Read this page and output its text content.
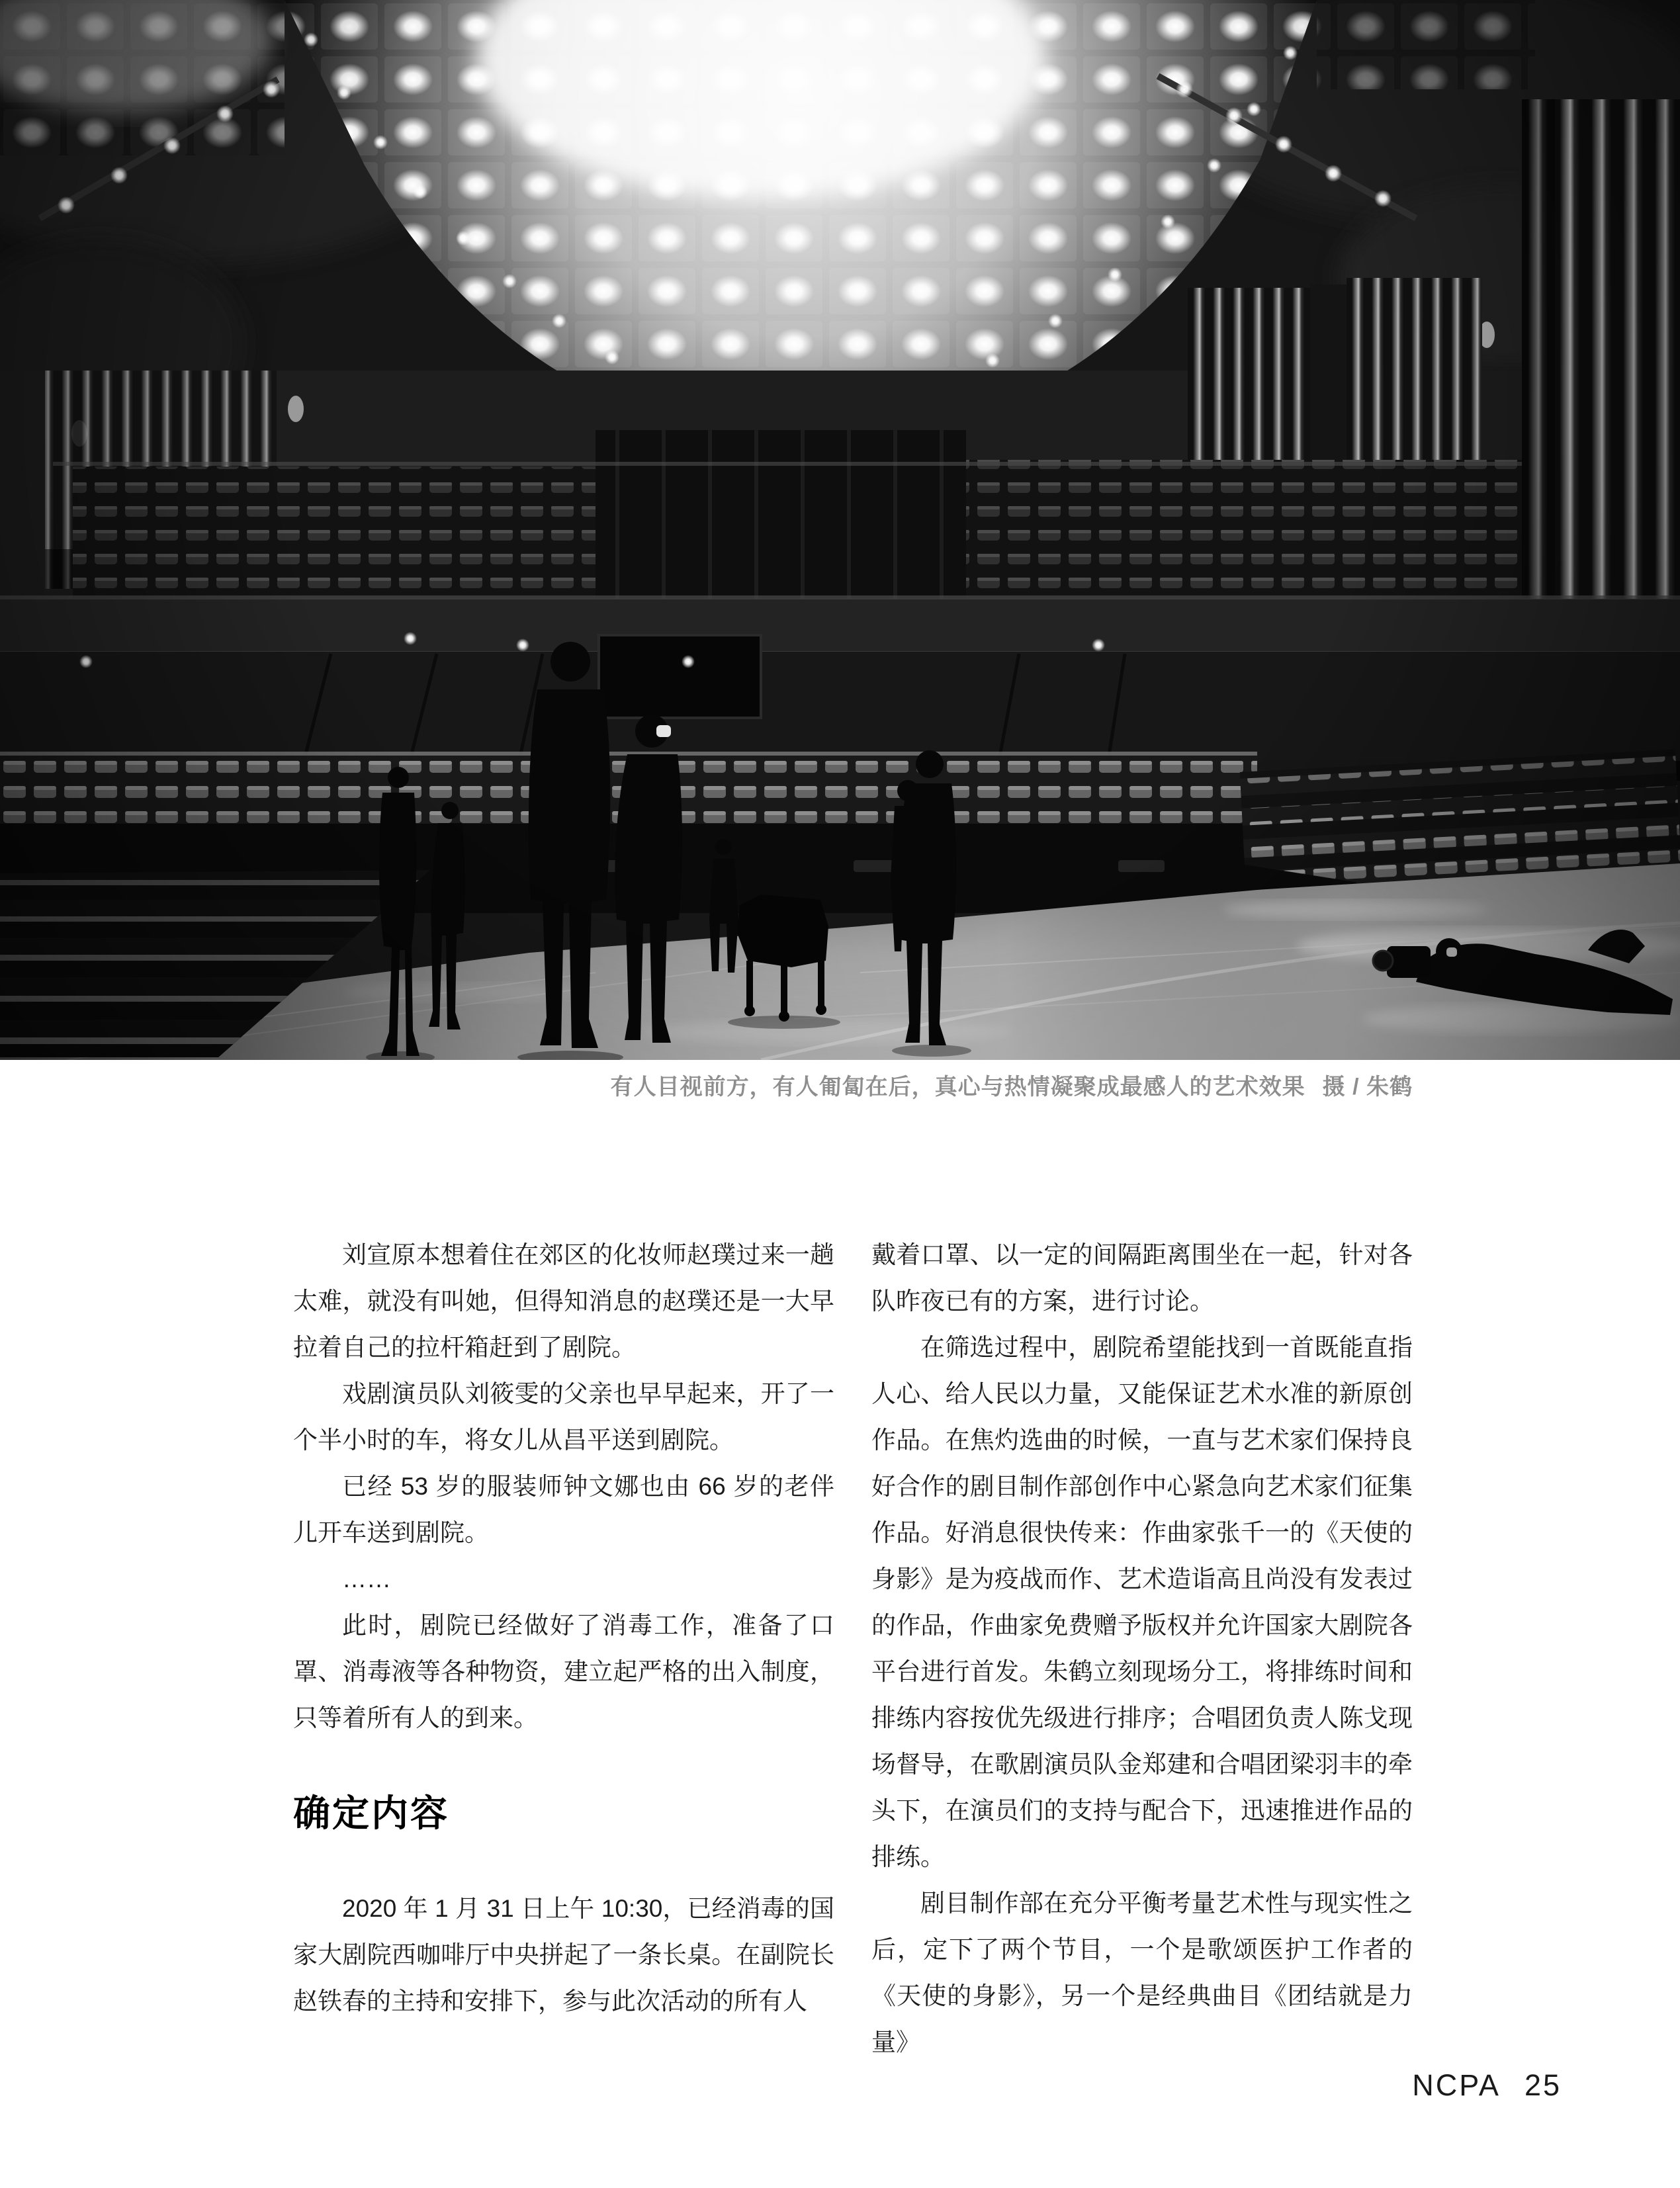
有人目视前方，有人匍匐在后，真心与热情凝聚成最感人的艺术效果 摄 / 朱鹤

刘宣原本想着住在郊区的化妆师赵璞过来一趟太难，就没有叫她，但得知消息的赵璞还是一大早拉着自己的拉杆箱赶到了剧院。

戏剧演员队刘筱雯的父亲也早早起来，开了一个半小时的车，将女儿从昌平送到剧院。

已经 53 岁的服装师钟文娜也由 66 岁的老伴儿开车送到剧院。

……

此时，剧院已经做好了消毒工作，准备了口罩、消毒液等各种物资，建立起严格的出入制度，只等着所有人的到来。

确定内容

2020 年 1 月 31 日上午 10:30，已经消毒的国家大剧院西咖啡厅中央拼起了一条长桌。在副院长赵铁春的主持和安排下，参与此次活动的所有人

戴着口罩、以一定的间隔距离围坐在一起，针对各队昨夜已有的方案，进行讨论。

在筛选过程中，剧院希望能找到一首既能直指人心、给人民以力量，又能保证艺术水准的新原创作品。在焦灼选曲的时候，一直与艺术家们保持良好合作的剧目制作部创作中心紧急向艺术家们征集作品。好消息很快传来：作曲家张千一的《天使的身影》是为疫战而作、艺术造诣高且尚没有发表过的作品，作曲家免费赠予版权并允许国家大剧院各平台进行首发。朱鹤立刻现场分工，将排练时间和排练内容按优先级进行排序；合唱团负责人陈戈现场督导，在歌剧演员队金郑建和合唱团梁羽丰的牵头下，在演员们的支持与配合下，迅速推进作品的排练。

剧目制作部在充分平衡考量艺术性与现实性之后，定下了两个节目，一个是歌颂医护工作者的《天使的身影》，另一个是经典曲目《团结就是力量》

NCPA 25
